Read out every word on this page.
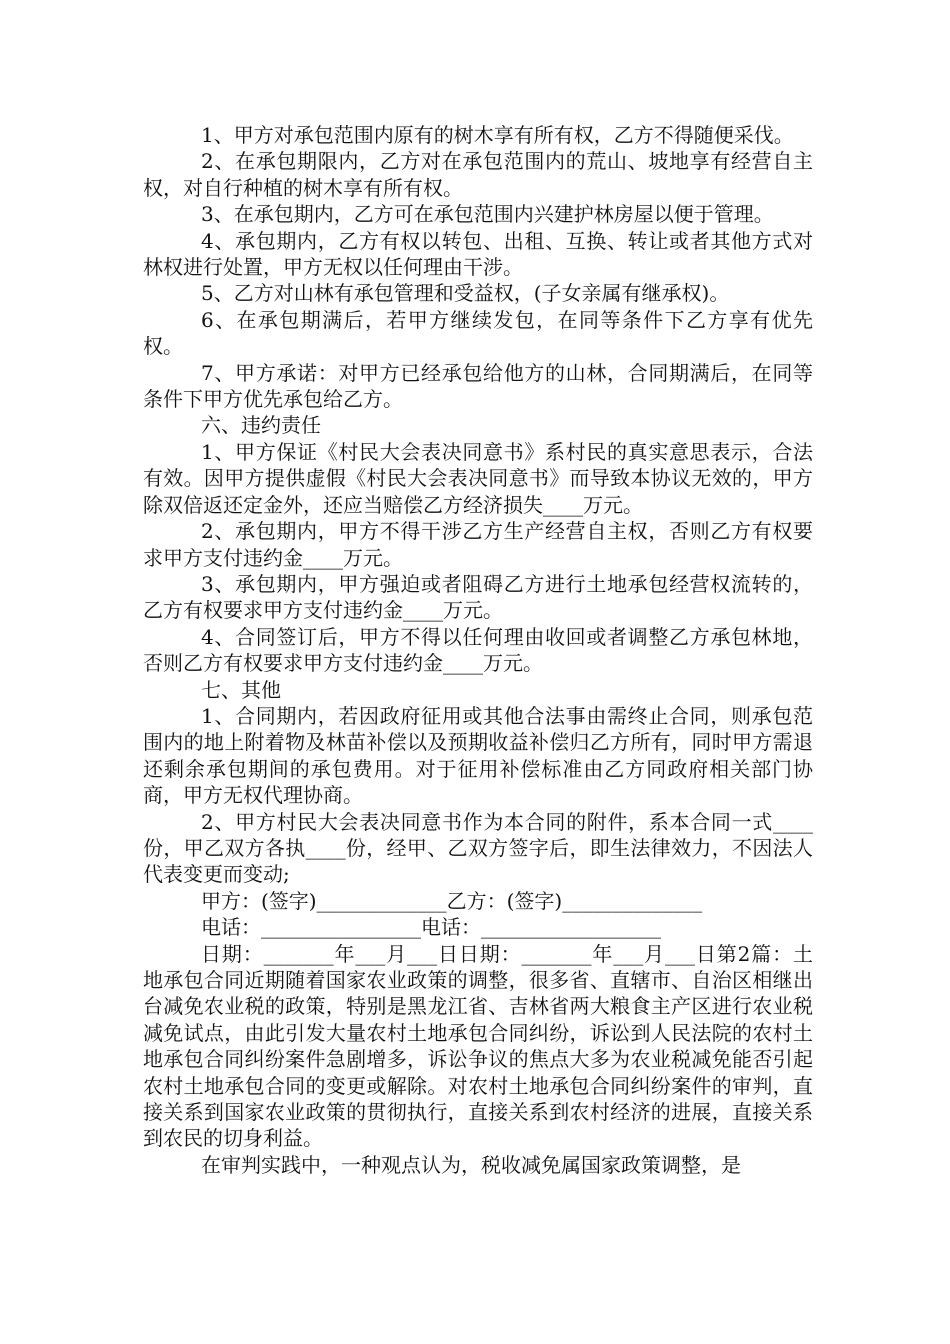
1、甲方对承包范围内原有的树木享有所有权，乙方不得随便采伐。

2、在承包期限内，乙方对在承包范围内的荒山、坡地享有经营自主权，对自行种植的树木享有所有权。

3、在承包期内，乙方可在承包范围内兴建护林房屋以便于管理。

4、承包期内，乙方有权以转包、出租、互换、转让或者其他方式对林权进行处置，甲方无权以任何理由干涉。

5、乙方对山林有承包管理和受益权，(子女亲属有继承权)。

6、在承包期满后，若甲方继续发包，在同等条件下乙方享有优先权。

7、甲方承诺：对甲方已经承包给他方的山林，合同期满后，在同等条件下甲方优先承包给乙方。

六、违约责任

1、甲方保证《村民大会表决同意书》系村民的真实意思表示，合法有效。因甲方提供虚假《村民大会表决同意书》而导致本协议无效的，甲方除双倍返还定金外，还应当赔偿乙方经济损失____万元。

2、承包期内，甲方不得干涉乙方生产经营自主权，否则乙方有权要求甲方支付违约金____万元。

3、承包期内，甲方强迫或者阻碍乙方进行土地承包经营权流转的，乙方有权要求甲方支付违约金____万元。

4、合同签订后，甲方不得以任何理由收回或者调整乙方承包林地，否则乙方有权要求甲方支付违约金____万元。

七、其他

1、合同期内，若因政府征用或其他合法事由需终止合同，则承包范围内的地上附着物及林苗补偿以及预期收益补偿归乙方所有，同时甲方需退还剩余承包期间的承包费用。对于征用补偿标准由乙方同政府相关部门协商，甲方无权代理协商。

2、甲方村民大会表决同意书作为本合同的附件，系本合同一式____份，甲乙双方各执____份，经甲、乙双方签字后，即生法律效力，不因法人代表变更而变动;

甲方：(签字)_____________乙方：(签字)______________

电话：________________电话：__________________

日期：_______年___月___日日期：_______年___月___日第2篇：土地承包合同近期随着国家农业政策的调整，很多省、直辖市、自治区相继出台减免农业税的政策，特别是黑龙江省、吉林省两大粮食主产区进行农业税减免试点，由此引发大量农村土地承包合同纠纷，诉讼到人民法院的农村土地承包合同纠纷案件急剧增多，诉讼争议的焦点大多为农业税减免能否引起农村土地承包合同的变更或解除。对农村土地承包合同纠纷案件的审判，直接关系到国家农业政策的贯彻执行，直接关系到农村经济的进展，直接关系到农民的切身利益。

在审判实践中，一种观点认为，税收减免属国家政策调整，是
